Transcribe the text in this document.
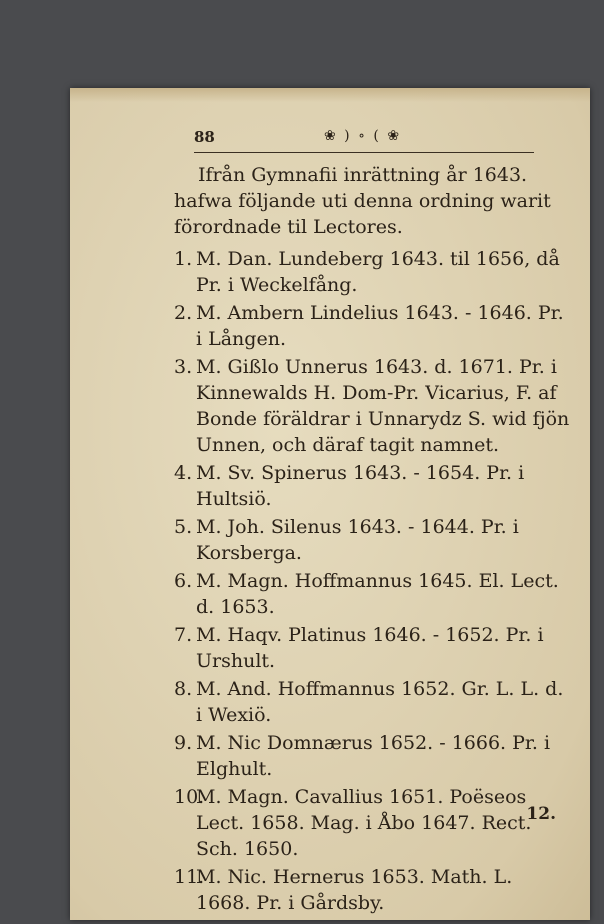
88	❀ ) ∘ ( ❀

Ifrån Gymnafii inrättning år 1643. hafwa följande uti denna ordning warit förordnade til Lectores.

1. M. Dan. Lundeberg 1643. til 1656, då Pr. i Weckelfång.

2. M. Ambern Lindelius 1643. ‑ 1646. Pr. i Lången.

3. M. Gißlo Unnerus 1643. d. 1671. Pr. i Kinnewalds H. Dom‑Pr. Vicarius, F. af Bonde föräldrar i Unnarydz S. wid fjön Unnen, och däraf tagit namnet.

4. M. Sv. Spinerus 1643. ‑ 1654. Pr. i Hultsiö.

5. M. Joh. Silenus 1643. ‑ 1644. Pr. i Korsberga.

6. M. Magn. Hoffmannus 1645. El. Lect. d. 1653.

7. M. Haqv. Platinus 1646. ‑ 1652. Pr. i Urshult.

8. M. And. Hoffmannus 1652. Gr. L. L. d. i Wexiö.

9. M. Nic Domnærus 1652. ‑ 1666. Pr. i Elghult.

10.M. Magn. Cavallius 1651. Poëseos Lect. 1658. Mag. i Åbo 1647. Rect. Sch. 1650.

11.M. Nic. Hernerus 1653. Math. L. 1668. Pr. i Gårdsby.

12.
